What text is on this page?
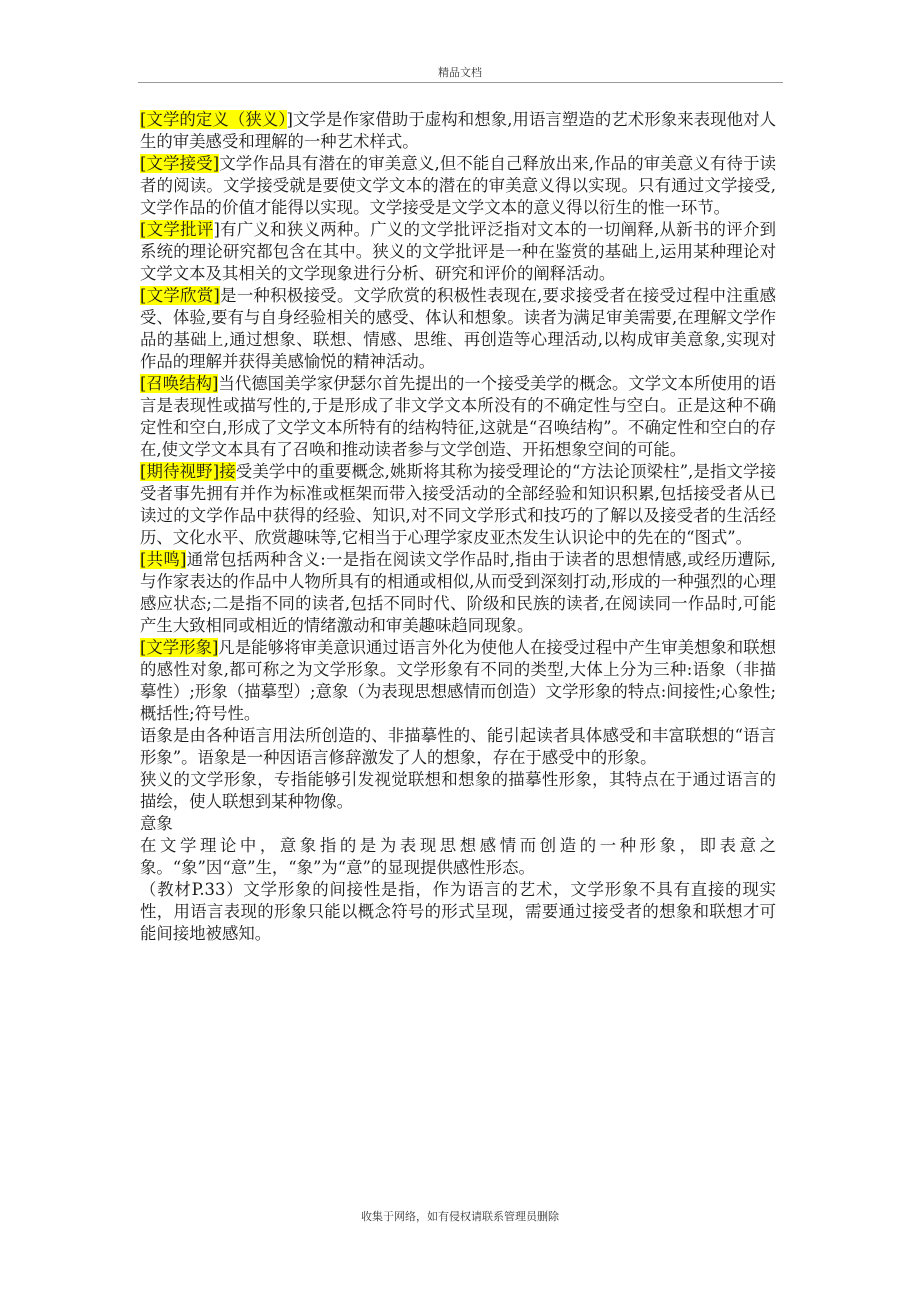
精品文档

[文学的定义（狭义）]文学是作家借助于虚构和想象,用语言塑造的艺术形象来表现他对人生的审美感受和理解的一种艺术样式。

[文学接受]文学作品具有潜在的审美意义,但不能自己释放出来,作品的审美意义有待于读者的阅读。文学接受就是要使文学文本的潜在的审美意义得以实现。只有通过文学接受,文学作品的价值才能得以实现。文学接受是文学文本的意义得以衍生的惟一环节。

[文学批评]有广义和狭义两种。广义的文学批评泛指对文本的一切阐释,从新书的评介到系统的理论研究都包含在其中。狭义的文学批评是一种在鉴赏的基础上,运用某种理论对文学文本及其相关的文学现象进行分析、研究和评价的阐释活动。

[文学欣赏]是一种积极接受。文学欣赏的积极性表现在,要求接受者在接受过程中注重感受、体验,要有与自身经验相关的感受、体认和想象。读者为满足审美需要,在理解文学作品的基础上,通过想象、联想、情感、思维、再创造等心理活动,以构成审美意象,实现对作品的理解并获得美感愉悦的精神活动。

[召唤结构]当代德国美学家伊瑟尔首先提出的一个接受美学的概念。文学文本所使用的语言是表现性或描写性的,于是形成了非文学文本所没有的不确定性与空白。正是这种不确定性和空白,形成了文学文本所特有的结构特征,这就是“召唤结构”。不确定性和空白的存在,使文学文本具有了召唤和推动读者参与文学创造、开拓想象空间的可能。

[期待视野]接受美学中的重要概念,姚斯将其称为接受理论的“方法论顶梁柱”,是指文学接受者事先拥有并作为标准或框架而带入接受活动的全部经验和知识积累,包括接受者从已读过的文学作品中获得的经验、知识,对不同文学形式和技巧的了解以及接受者的生活经历、文化水平、欣赏趣味等,它相当于心理学家皮亚杰发生认识论中的先在的“图式”。

[共鸣]通常包括两种含义:一是指在阅读文学作品时,指由于读者的思想情感,或经历遭际,与作家表达的作品中人物所具有的相通或相似,从而受到深刻打动,形成的一种强烈的心理感应状态;二是指不同的读者,包括不同时代、阶级和民族的读者,在阅读同一作品时,可能产生大致相同或相近的情绪激动和审美趣味趋同现象。

[文学形象]凡是能够将审美意识通过语言外化为使他人在接受过程中产生审美想象和联想的感性对象,都可称之为文学形象。文学形象有不同的类型,大体上分为三种:语象（非描摹性）;形象（描摹型）;意象（为表现思想感情而创造）文学形象的特点:间接性;心象性;概括性;符号性。

语象是由各种语言用法所创造的、非描摹性的、能引起读者具体感受和丰富联想的“语言形象”。语象是一种因语言修辞激发了人的想象，存在于感受中的形象。

狭义的文学形象，专指能够引发视觉联想和想象的描摹性形象，其特点在于通过语言的描绘，使人联想到某种物像。

意象

在文学理论中，意象指的是为表现思想感情而创造的一种形象，即表意之象。“象”因“意”生，“象”为“意”的显现提供感性形态。

（教材P.33）文学形象的间接性是指，作为语言的艺术，文学形象不具有直接的现实性，用语言表现的形象只能以概念符号的形式呈现，需要通过接受者的想象和联想才可能间接地被感知。

收集于网络，如有侵权请联系管理员删除
